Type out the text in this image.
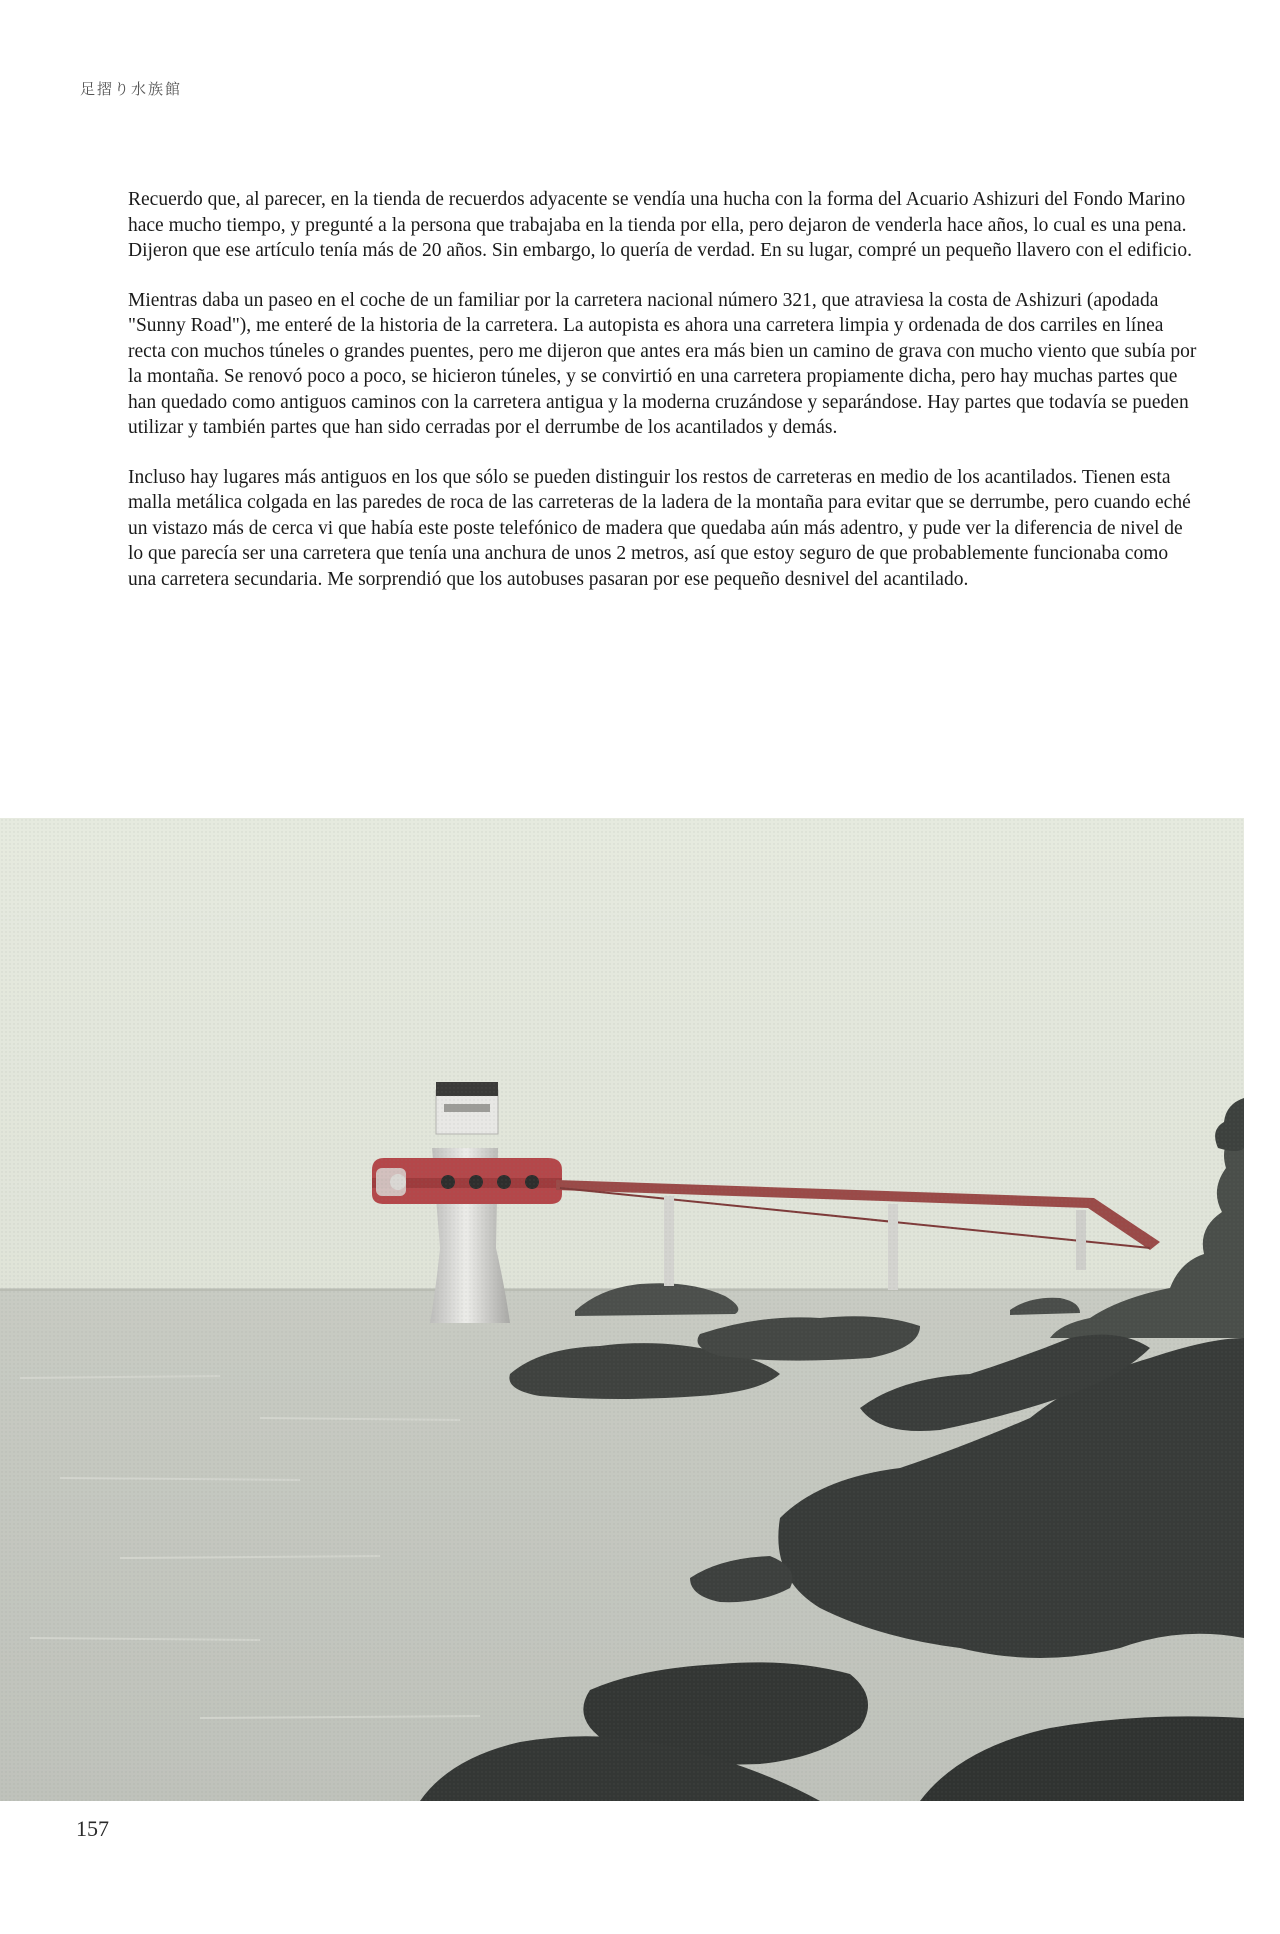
足摺り水族館

Recuerdo que, al parecer, en la tienda de recuerdos adyacente se vendía una hucha con la forma del Acuario Ashizuri del Fondo Marino hace mucho tiempo, y pregunté a la persona que trabajaba en la tienda por ella, pero dejaron de venderla hace años, lo cual es una pena. Dijeron que ese artículo tenía más de 20 años. Sin embargo, lo quería de verdad. En su lugar, compré un pequeño llavero con el edificio.

Mientras daba un paseo en el coche de un familiar por la carretera nacional número 321, que atraviesa la costa de Ashizuri (apodada "Sunny Road"), me enteré de la historia de la carretera. La autopista es ahora una carretera limpia y ordenada de dos carriles en línea recta con muchos túneles o grandes puentes, pero me dijeron que antes era más bien un camino de grava con mucho viento que subía por la montaña. Se renovó poco a poco, se hicieron túneles, y se convirtió en una carretera propiamente dicha, pero hay muchas partes que han quedado como antiguos caminos con la carretera antigua y la moderna cruzándose y separándose. Hay partes que todavía se pueden utilizar y también partes que han sido cerradas por el derrumbe de los acantilados y demás.

Incluso hay lugares más antiguos en los que sólo se pueden distinguir los restos de carreteras en medio de los acantilados. Tienen esta malla metálica colgada en las paredes de roca de las carreteras de la ladera de la montaña para evitar que se derrumbe, pero cuando eché un vistazo más de cerca vi que había este poste telefónico de madera que quedaba aún más adentro, y pude ver la diferencia de nivel de lo que parecía ser una carretera que tenía una anchura de unos 2 metros, así que estoy seguro de que probablemente funcionaba como una carretera secundaria. Me sorprendió que los autobuses pasaran por ese pequeño desnivel del acantilado.

157
